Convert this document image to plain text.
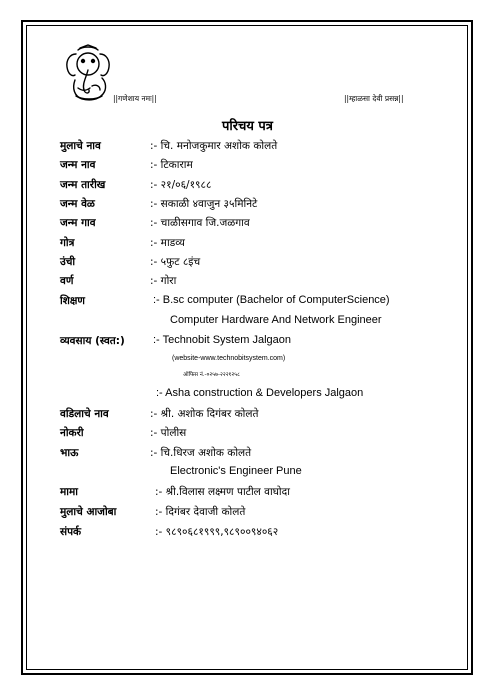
||गणेशाय नमः||	||म्हाळसा देवी प्रसन्न||
परिचय पत्र
मुलाचे नाव	:- चि. मनोजकुमार अशोक कोलते
जन्म नाव	:- टिकाराम
जन्म तारीख	:- २१/०६/१९८८
जन्म वेळ	:- सकाळी ४वाजुन ३५मिनिटे
जन्म गाव	:- चाळीसगाव जि.जळगाव
गोत्र	:- माडव्य
उंची	:- ५फुट ८इंच
वर्ण	:- गोरा
शिक्षण	:- B.sc computer (Bachelor of ComputerScience)
Computer Hardware And Network Engineer
व्यवसाय (स्वत:)	:- Technobit System Jalgaon
(website-www.technobitsystem.com)
ऑफिस नं.-०२५७-२२२१२५८
:- Asha construction & Developers Jalgaon
वडिलाचे नाव	:- श्री. अशोक दिगंबर कोलते
नोकरी	:- पोलीस
भाऊ	:- चि.धिरज अशोक कोलते
Electronic's Engineer Pune
मामा	:- श्री.विलास लक्ष्मण पाटील वाघोदा
मुलाचे आजोबा	:- दिगंबर देवाजी कोलते
संपर्क	:- ९८९०६८१९९९,९८९००९४०६२
